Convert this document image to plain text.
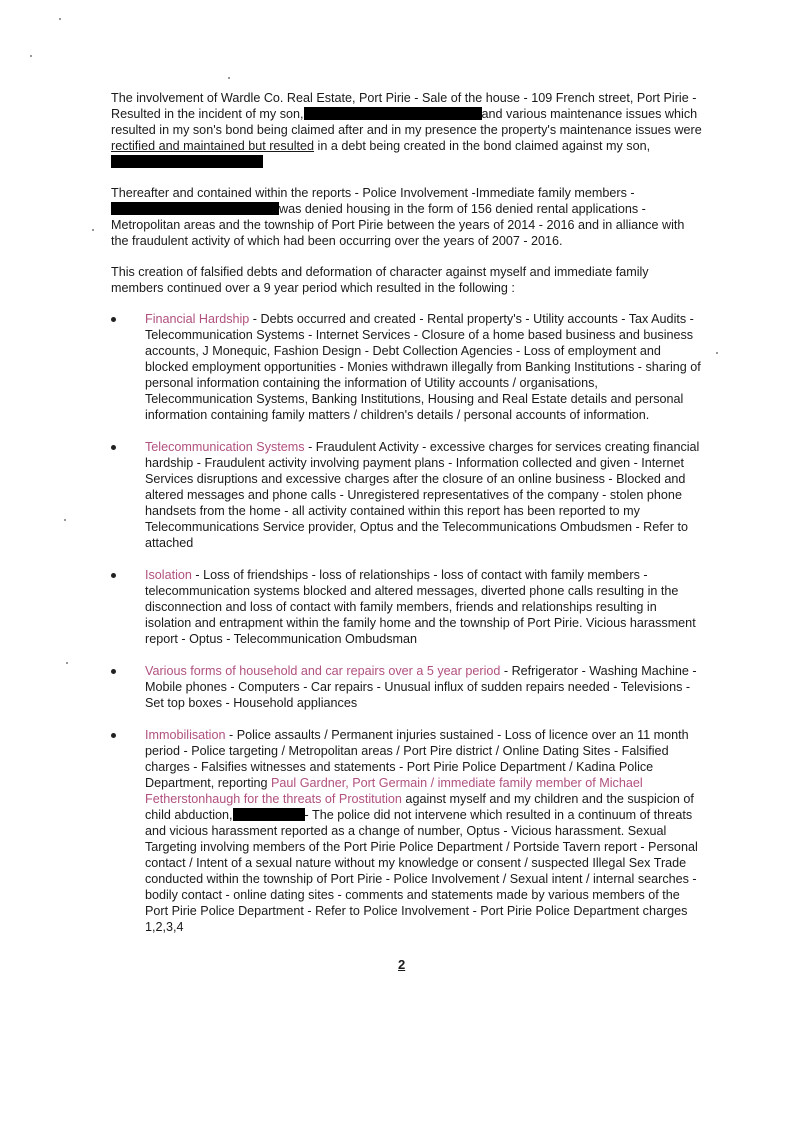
The involvement of Wardle Co. Real Estate, Port Pirie - Sale of the house - 109 French street, Port Pirie - Resulted in the incident of my son,	and various maintenance issues which resulted in my son's bond being claimed after and in my presence the property's maintenance issues were rectified and maintained but resulted in a debt being created in the bond claimed against my son,

Thereafter and contained within the reports - Police Involvement -Immediate family members - was denied housing in the form of 156 denied rental applications - Metropolitan areas and the township of Port Pirie between the years of 2014 - 2016 and in alliance with the fraudulent activity of which had been occurring over the years of 2007 - 2016.

This creation of falsified debts and deformation of character against myself and immediate family members continued over a 9 year period which resulted in the following :

Financial Hardship - Debts occurred and created - Rental property's - Utility accounts - Tax Audits - Telecommunication Systems - Internet Services - Closure of a home based business and business accounts, J Monequic, Fashion Design - Debt Collection Agencies - Loss of employment and blocked employment opportunities - Monies withdrawn illegally from Banking Institutions - sharing of personal information containing the information of Utility accounts / organisations, Telecommunication Systems, Banking Institutions, Housing and Real Estate details and personal information containing family matters / children's details / personal accounts of information.
Telecommunication Systems - Fraudulent Activity - excessive charges for services creating financial hardship - Fraudulent activity involving payment plans - Information collected and given - Internet Services disruptions and excessive charges after the closure of an online business - Blocked and altered messages and phone calls - Unregistered representatives of the company - stolen phone handsets from the home - all activity contained within this report has been reported to my Telecommunications Service provider, Optus and the Telecommunications Ombudsmen - Refer to attached
Isolation - Loss of friendships - loss of relationships - loss of contact with family members - telecommunication systems blocked and altered messages, diverted phone calls resulting in the disconnection and loss of contact with family members, friends and relationships resulting in isolation and entrapment within the family home and the township of Port Pirie. Vicious harassment report - Optus - Telecommunication Ombudsman
Various forms of household and car repairs over a 5 year period - Refrigerator - Washing Machine - Mobile phones - Computers - Car repairs - Unusual influx of sudden repairs needed - Televisions - Set top boxes - Household appliances
Immobilisation - Police assaults / Permanent injuries sustained - Loss of licence over an 11 month period - Police targeting / Metropolitan areas / Port Pire district / Online Dating Sites - Falsified charges - Falsifies witnesses and statements - Port Pirie Police Department / Kadina Police Department, reporting Paul Gardner, Port Germain / immediate family member of Michael Fetherstonhaugh for the threats of Prostitution against myself and my children and the suspicion of child abduction,	- The police did not intervene which resulted in a continuum of threats and vicious harassment reported as a change of number, Optus - Vicious harassment. Sexual Targeting involving members of the Port Pirie Police Department / Portside Tavern report - Personal contact / Intent of a sexual nature without my knowledge or consent / suspected Illegal Sex Trade conducted within the township of Port Pirie - Police Involvement / Sexual intent / internal searches - bodily contact - online dating sites - comments and statements made by various members of the Port Pirie Police Department - Refer to Police Involvement - Port Pirie Police Department charges 1,2,3,4
2
